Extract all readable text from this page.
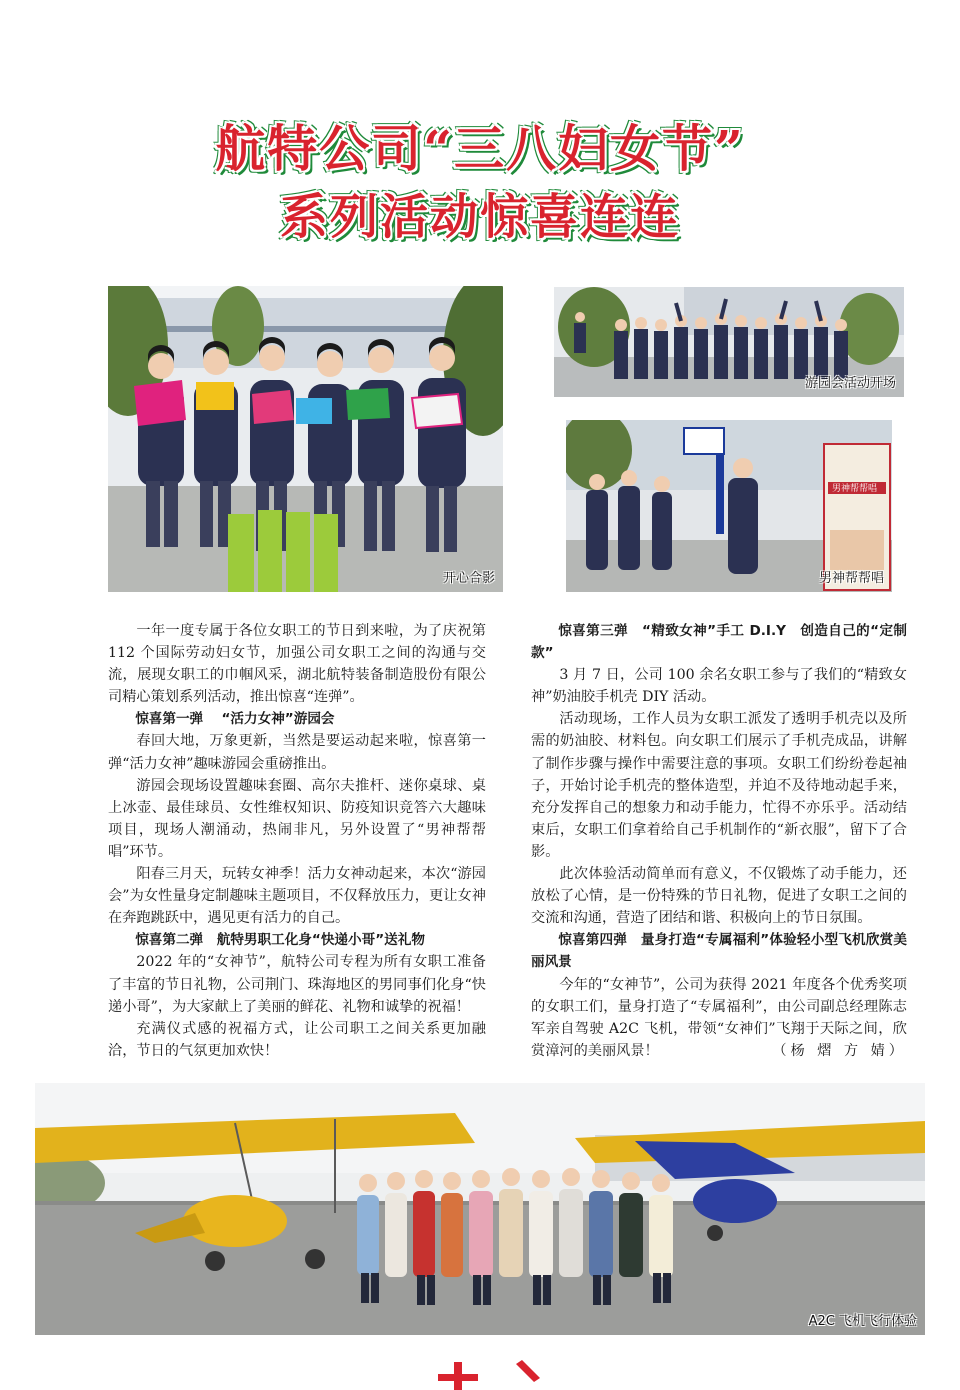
航特公司“三八妇女节”
系列活动惊喜连连
开心合影
游园会活动开场
男神帮帮唱
男神帮帮唱

一年一度专属于各位女职工的节日到来啦，为了庆祝第 112 个国际劳动妇女节，加强公司女职工之间的沟通与交流，展现女职工的巾帼风采，湖北航特装备制造股份有限公司精心策划系列活动，推出惊喜“连弹”。

惊喜第一弹　 “活力女神”游园会

春回大地，万象更新，当然是要运动起来啦，惊喜第一弹“活力女神”趣味游园会重磅推出。

游园会现场设置趣味套圈、高尔夫推杆、迷你桌球、桌上冰壶、最佳球员、女性维权知识、防疫知识竞答六大趣味项目，现场人潮涌动，热闹非凡，另外设置了“男神帮帮唱”环节。

阳春三月天，玩转女神季！活力女神动起来，本次“游园会”为女性量身定制趣味主题项目，不仅释放压力，更让女神在奔跑跳跃中，遇见更有活力的自己。

惊喜第二弹　航特男职工化身“快递小哥”送礼物

2022 年的“女神节”，航特公司专程为所有女职工准备了丰富的节日礼物，公司荆门、珠海地区的男同事们化身“快递小哥”，为大家献上了美丽的鲜花、礼物和诚挚的祝福！

充满仪式感的祝福方式，让公司职工之间关系更加融洽，节日的气氛更加欢快！

惊喜第三弹　“精致女神”手工 D.I.Y　创造自己的“定制款”

3 月 7 日，公司 100 余名女职工参与了我们的“精致女神”奶油胶手机壳 DIY 活动。

活动现场，工作人员为女职工派发了透明手机壳以及所需的奶油胶、材料包。向女职工们展示了手机壳成品，讲解了制作步骤与操作中需要注意的事项。女职工们纷纷卷起袖子，开始讨论手机壳的整体造型，并迫不及待地动起手来，充分发挥自己的想象力和动手能力，忙得不亦乐乎。活动结束后，女职工们拿着给自己手机制作的“新衣服”，留下了合影。

此次体验活动简单而有意义，不仅锻炼了动手能力，还放松了心情，是一份特殊的节日礼物，促进了女职工之间的交流和沟通，营造了团结和谐、积极向上的节日氛围。

惊喜第四弹　量身打造“专属福利”体验轻小型飞机欣赏美丽风景

今年的“女神节”，公司为获得 2021 年度各个优秀奖项的女职工们，量身打造了“专属福利”，由公司副总经理陈志军亲自驾驶 A2C 飞机，带领“女神们”飞翔于天际之间，欣赏漳河的美丽风景！	（杨 熠 方 婧）

A2C 飞机飞行体验
